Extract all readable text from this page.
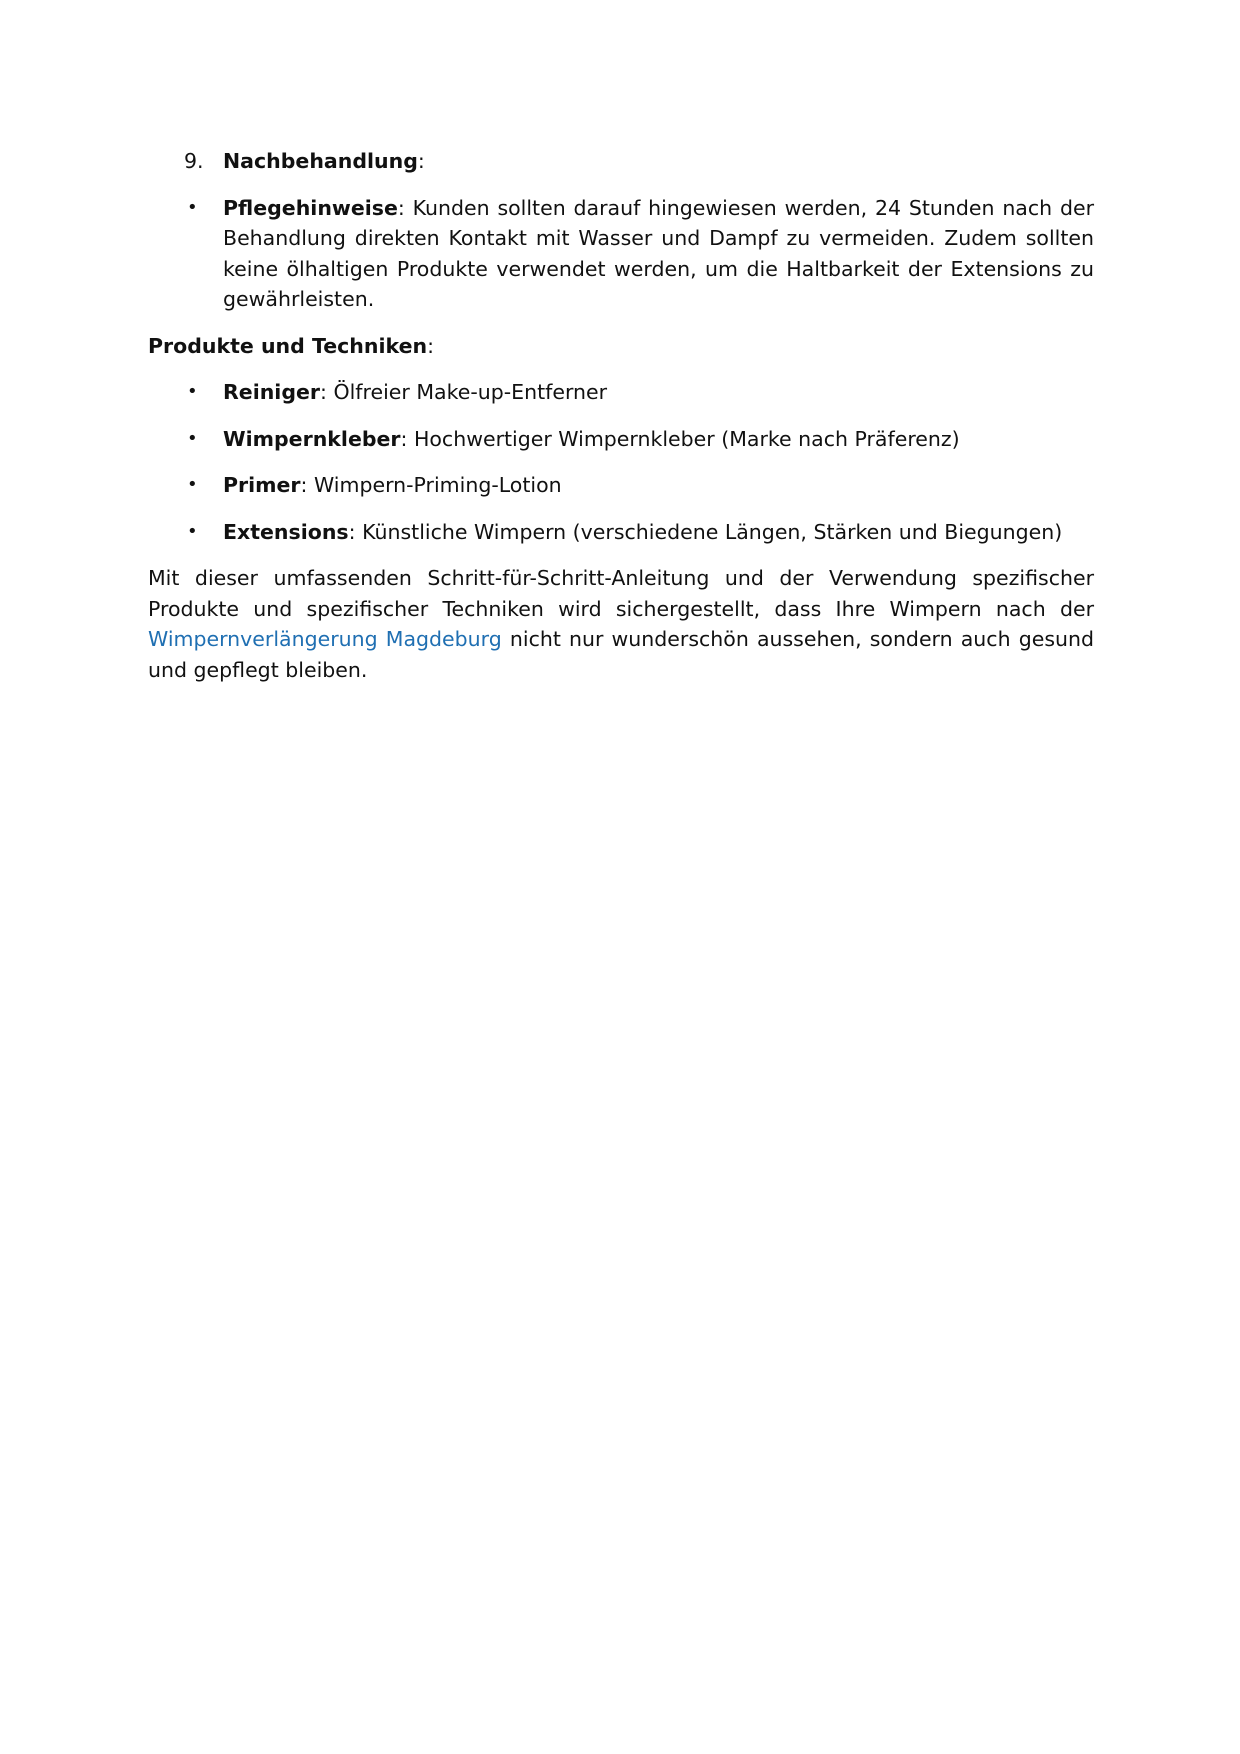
9. Nachbehandlung:
• Pflegehinweise: Kunden sollten darauf hingewiesen werden, 24 Stunden nach der Behandlung direkten Kontakt mit Wasser und Dampf zu vermeiden. Zudem sollten keine ölhaltigen Produkte verwendet werden, um die Haltbarkeit der Extensions zu gewährleisten.
Produkte und Techniken:
• Reiniger: Ölfreier Make-up-Entferner
• Wimpernkleber: Hochwertiger Wimpernkleber (Marke nach Präferenz)
• Primer: Wimpern-Priming-Lotion
• Extensions: Künstliche Wimpern (verschiedene Längen, Stärken und Biegungen)
Mit dieser umfassenden Schritt-für-Schritt-Anleitung und der Verwendung spezifischer Produkte und spezifischer Techniken wird sichergestellt, dass Ihre Wimpern nach der Wimpernverlängerung Magdeburg nicht nur wunderschön aussehen, sondern auch gesund und gepflegt bleiben.
